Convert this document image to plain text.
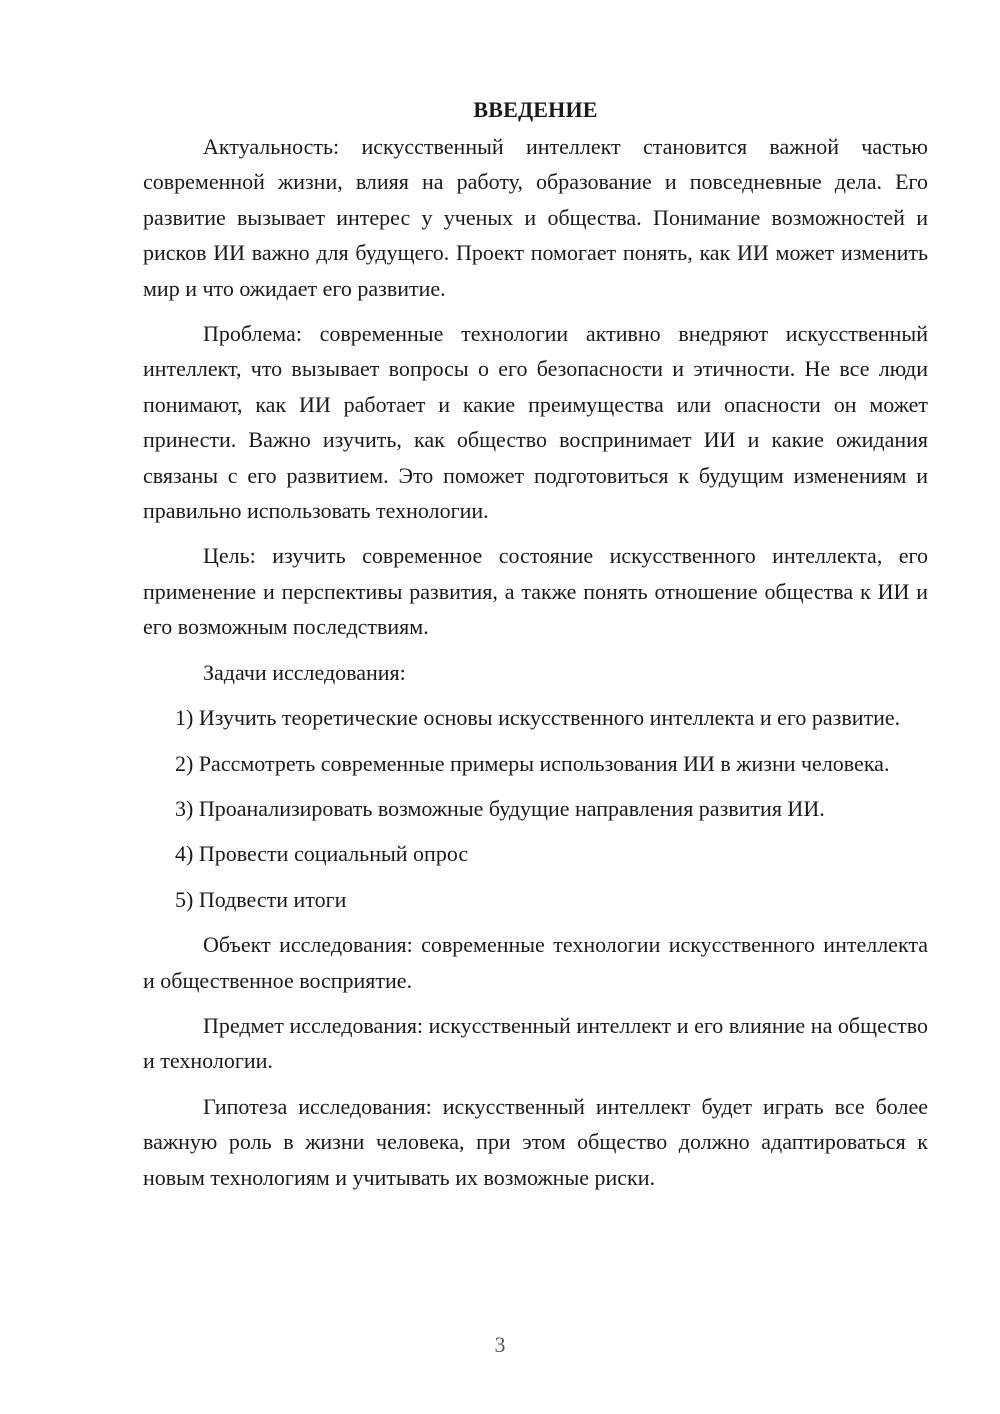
ВВЕДЕНИЕ

Актуальность: искусственный интеллект становится важной частью современной жизни, влияя на работу, образование и повседневные дела. Его развитие вызывает интерес у ученых и общества. Понимание возможностей и рисков ИИ важно для будущего. Проект помогает понять, как ИИ может изменить мир и что ожидает его развитие.

Проблема: современные технологии активно внедряют искусственный интеллект, что вызывает вопросы о его безопасности и этичности. Не все люди понимают, как ИИ работает и какие преимущества или опасности он может принести. Важно изучить, как общество воспринимает ИИ и какие ожидания связаны с его развитием. Это поможет подготовиться к будущим изменениям и правильно использовать технологии.

Цель: изучить современное состояние искусственного интеллекта, его применение и перспективы развития, а также понять отношение общества к ИИ и его возможным последствиям.

Задачи исследования:

1) Изучить теоретические основы искусственного интеллекта и его развитие.

2) Рассмотреть современные примеры использования ИИ в жизни человека.

3) Проанализировать возможные будущие направления развития ИИ.

4) Провести социальный опрос

5) Подвести итоги

Объект исследования: современные технологии искусственного интеллекта и общественное восприятие.

Предмет исследования: искусственный интеллект и его влияние на общество и технологии.

Гипотеза исследования: искусственный интеллект будет играть все более важную роль в жизни человека, при этом общество должно адаптироваться к новым технологиям и учитывать их возможные риски.

3
